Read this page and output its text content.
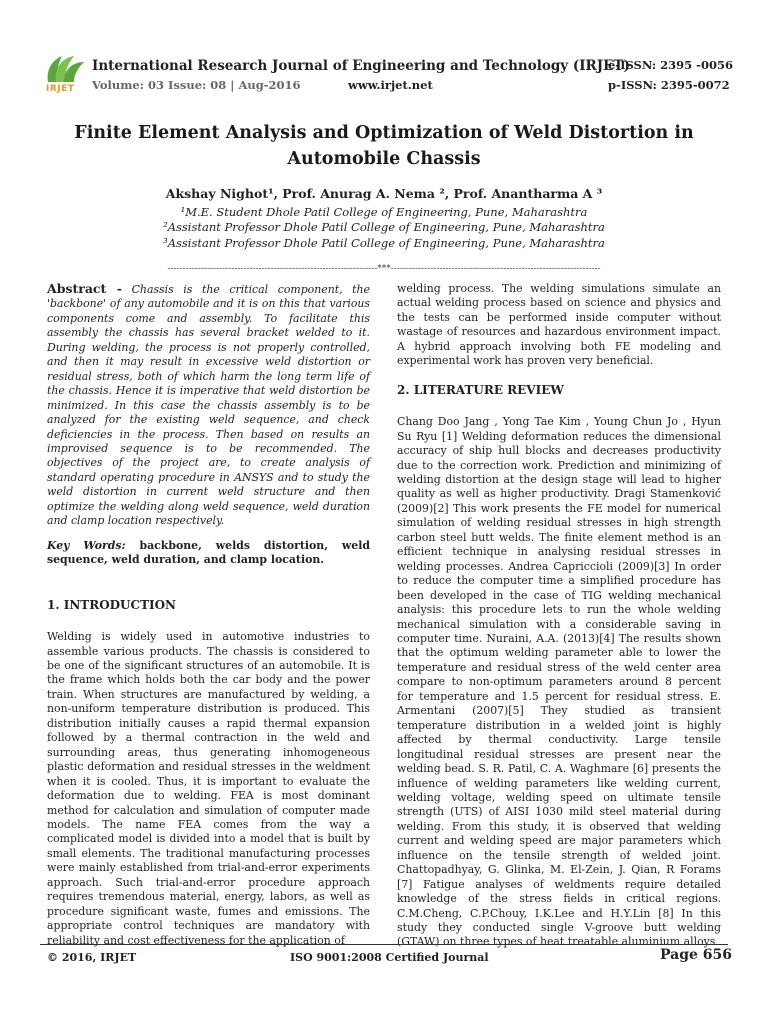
IRJET
International Research Journal of Engineering and Technology (IRJET)
Volume: 03 Issue: 08 | Aug-2016	www.irjet.net
e-ISSN: 2395 -0056
p-ISSN: 2395-0072
Finite Element Analysis and Optimization of Weld Distortion in Automobile Chassis
Akshay Nighot¹, Prof. Anurag A. Nema ², Prof. Anantharma A ³
¹M.E. Student Dhole Patil College of Engineering, Pune, Maharashtra
²Assistant Professor Dhole Patil College of Engineering, Pune, Maharashtra
³Assistant Professor Dhole Patil College of Engineering, Pune, Maharashtra
---------------------------------------------------------------------***---------------------------------------------------------------------

Abstract - Chassis is the critical component, the 'backbone' of any automobile and it is on this that various components come and assembly. To facilitate this assembly the chassis has several bracket welded to it. During welding, the process is not properly controlled, and then it may result in excessive weld distortion or residual stress, both of which harm the long term life of the chassis. Hence it is imperative that weld distortion be minimized. In this case the chassis assembly is to be analyzed for the existing weld sequence, and check deficiencies in the process. Then based on results an improvised sequence is to be recommended. The objectives of the project are, to create analysis of standard operating procedure in ANSYS and to study the weld distortion in current weld structure and then optimize the welding along weld sequence, weld duration and clamp location respectively.

Key Words: backbone, welds distortion, weld sequence, weld duration, and clamp location.

1. INTRODUCTION

Welding is widely used in automotive industries to assemble various products. The chassis is considered to be one of the significant structures of an automobile. It is the frame which holds both the car body and the power train. When structures are manufactured by welding, a non-uniform temperature distribution is produced. This distribution initially causes a rapid thermal expansion followed by a thermal contraction in the weld and surrounding areas, thus generating inhomogeneous plastic deformation and residual stresses in the weldment when it is cooled. Thus, it is important to evaluate the deformation due to welding. FEA is most dominant method for calculation and simulation of computer made models. The name FEA comes from the way a complicated model is divided into a model that is built by small elements. The traditional manufacturing processes were mainly established from trial-and-error experiments approach. Such trial-and-error procedure approach requires tremendous material, energy, labors, as well as procedure significant waste, fumes and emissions. The appropriate control techniques are mandatory with reliability and cost effectiveness for the application of

welding process. The welding simulations simulate an actual welding process based on science and physics and the tests can be performed inside computer without wastage of resources and hazardous environment impact. A hybrid approach involving both FE modeling and experimental work has proven very beneficial.

2. LITERATURE REVIEW

Chang Doo Jang , Yong Tae Kim , Young Chun Jo , Hyun Su Ryu [1] Welding deformation reduces the dimensional accuracy of ship hull blocks and decreases productivity due to the correction work. Prediction and minimizing of welding distortion at the design stage will lead to higher quality as well as higher productivity. Dragi Stamenković (2009)[2] This work presents the FE model for numerical simulation of welding residual stresses in high strength carbon steel butt welds. The finite element method is an efficient technique in analysing residual stresses in welding processes. Andrea Capriccioli (2009)[3] In order to reduce the computer time a simplified procedure has been developed in the case of TIG welding mechanical analysis: this procedure lets to run the whole welding mechanical simulation with a considerable saving in computer time. Nuraini, A.A. (2013)[4] The results shown that the optimum welding parameter able to lower the temperature and residual stress of the weld center area compare to non-optimum parameters around 8 percent for temperature and 1.5 percent for residual stress. E. Armentani (2007)[5] They studied as transient temperature distribution in a welded joint is highly affected by thermal conductivity. Large tensile longitudinal residual stresses are present near the welding bead. S. R. Patil, C. A. Waghmare [6] presents the influence of welding parameters like welding current, welding voltage, welding speed on ultimate tensile strength (UTS) of AISI 1030 mild steel material during welding. From this study, it is observed that welding current and welding speed are major parameters which influence on the tensile strength of welded joint. Chattopadhyay, G. Glinka, M. El-Zein, J. Qian, R Forams [7] Fatigue analyses of weldments require detailed knowledge of the stress fields in critical regions. C.M.Cheng, C.P.Chouy, I.K.Lee and H.Y.Lin [8] In this study they conducted single V-groove butt welding (GTAW) on three types of heat treatable aluminium alloys

© 2016, IRJET	ISO 9001:2008 Certified Journal	Page 656
